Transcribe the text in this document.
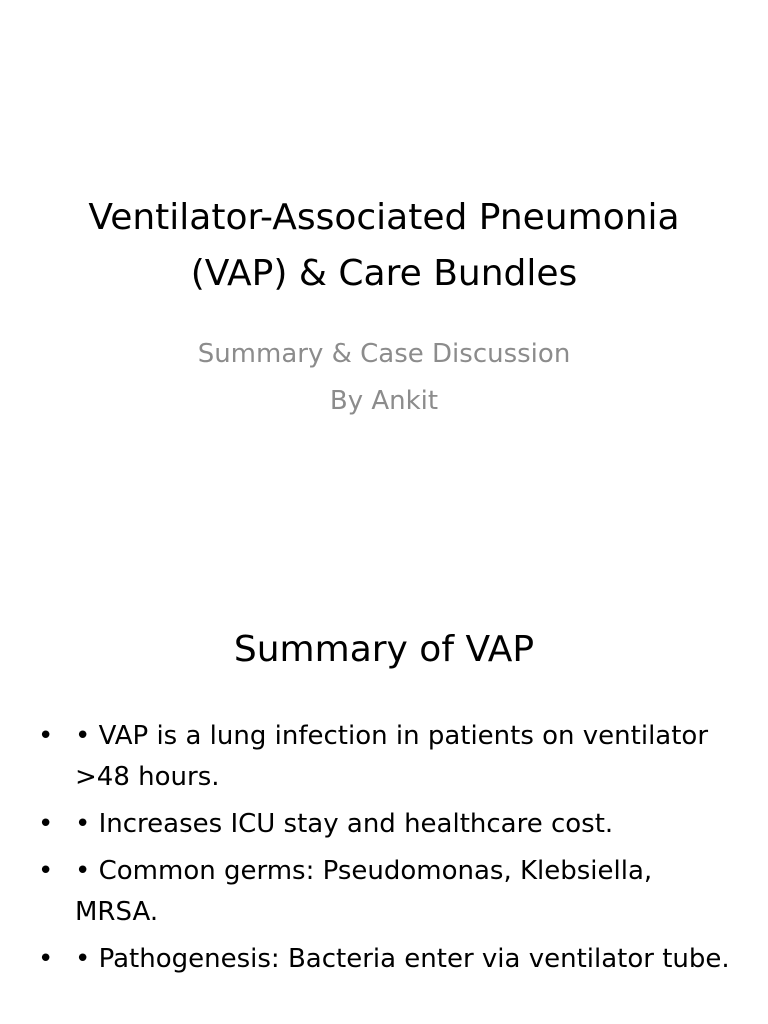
Ventilator-Associated Pneumonia
(VAP) & Care Bundles
Summary & Case Discussion
By Ankit
Summary of VAP
• • VAP is a lung infection in patients on ventilator >48 hours.
• • Increases ICU stay and healthcare cost.
• • Common germs: Pseudomonas, Klebsiella, MRSA.
• • Pathogenesis: Bacteria enter via ventilator tube.
